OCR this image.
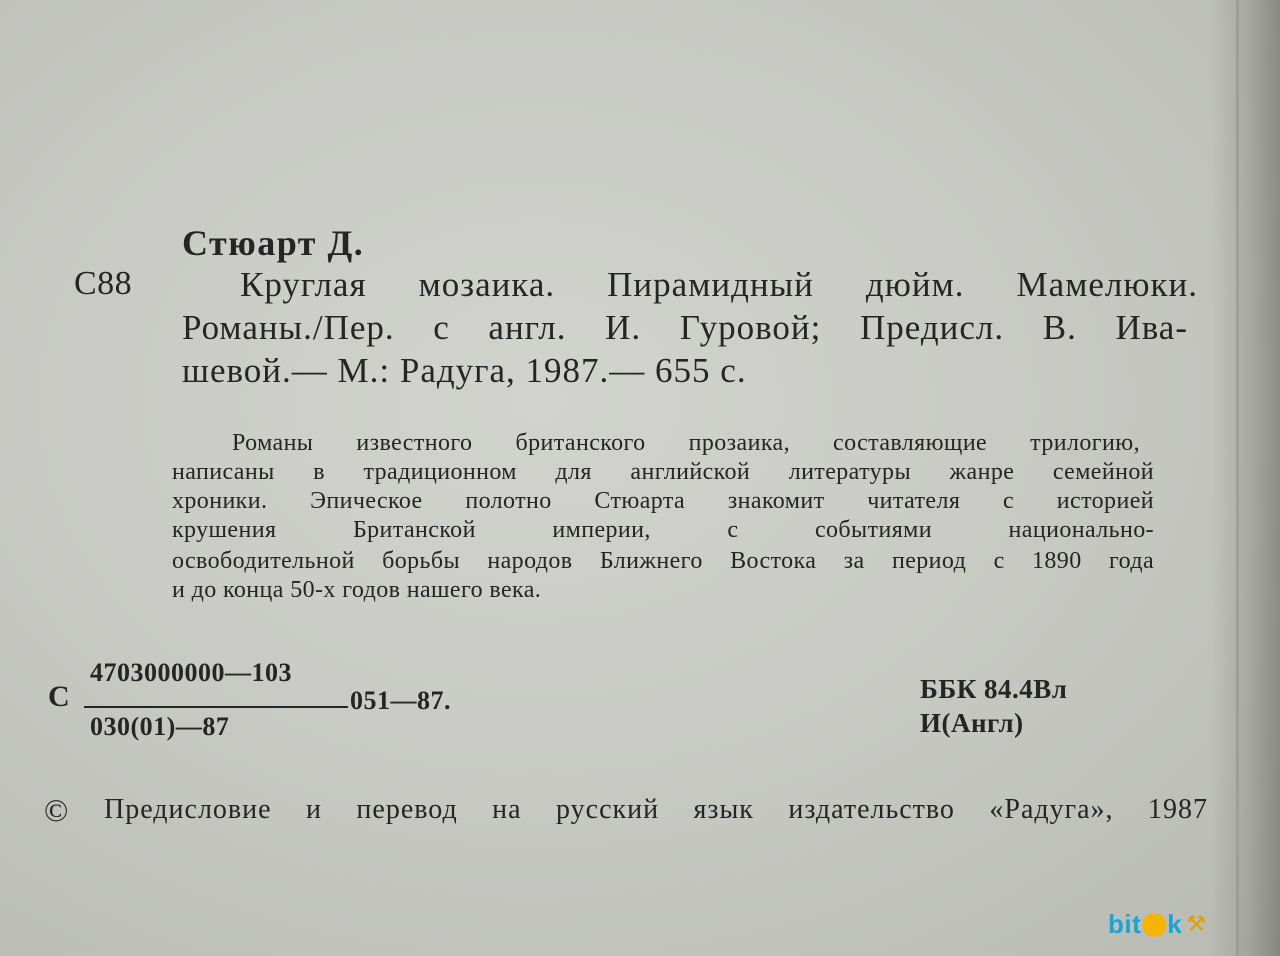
Стюарт Д.
С88	Круглая мозаика. Пирамидный дюйм. Мамелюки.
Романы./Пер. с англ. И. Гуровой; Предисл. В. Ива-
шевой.— М.: Радуга, 1987.— 655 с.
Романы известного британского прозаика, составляющие трилогию,
написаны в традиционном для английской литературы жанре семейной
хроники. Эпическое полотно Стюарта знакомит читателя с историей
крушения Британской империи, с событиями национально-
освободительной борьбы народов Ближнего Востока за период с 1890 года
и до конца 50-х годов нашего века.
С
4703000000—103
051—87.
030(01)—87
ББК 84.4Вл
И(Англ)
© Предисловие и перевод на русский язык издательство «Радуга», 1987
bit k ⚒
